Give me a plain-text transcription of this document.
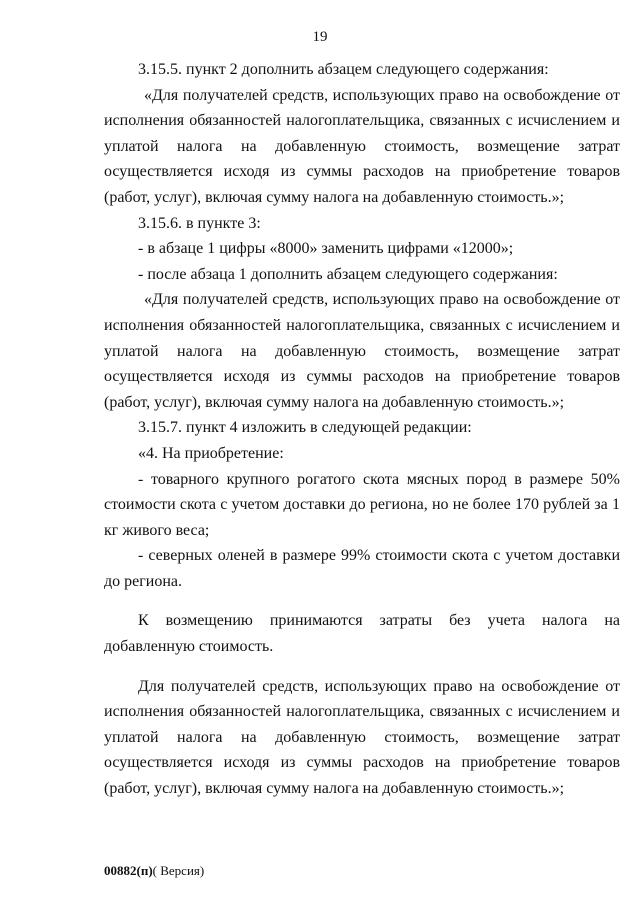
19

3.15.5. пункт 2 дополнить абзацем следующего содержания:

«Для получателей средств, использующих право на освобождение от исполнения обязанностей налогоплательщика, связанных с исчислением и уплатой налога на добавленную стоимость, возмещение затрат осуществляется исходя из суммы расходов на приобретение товаров (работ, услуг), включая сумму налога на добавленную стоимость.»;

3.15.6. в пункте 3:

- в абзаце 1 цифры «8000» заменить цифрами «12000»;

- после абзаца 1 дополнить абзацем следующего содержания:

«Для получателей средств, использующих право на освобождение от исполнения обязанностей налогоплательщика, связанных с исчислением и уплатой налога на добавленную стоимость, возмещение затрат осуществляется исходя из суммы расходов на приобретение товаров (работ, услуг), включая сумму налога на добавленную стоимость.»;

3.15.7. пункт 4 изложить в следующей редакции:

«4. На приобретение:

- товарного крупного рогатого скота мясных пород в размере 50% стоимости скота с учетом доставки до региона, но не более 170 рублей за 1 кг живого веса;

- северных оленей в размере 99% стоимости скота с учетом доставки до региона.

К возмещению принимаются затраты без учета налога на добавленную стоимость.

Для получателей средств, использующих право на освобождение от исполнения обязанностей налогоплательщика, связанных с исчислением и уплатой налога на добавленную стоимость, возмещение затрат осуществляется исходя из суммы расходов на приобретение товаров (работ, услуг), включая сумму налога на добавленную стоимость.»;

00882(п)( Версия)
